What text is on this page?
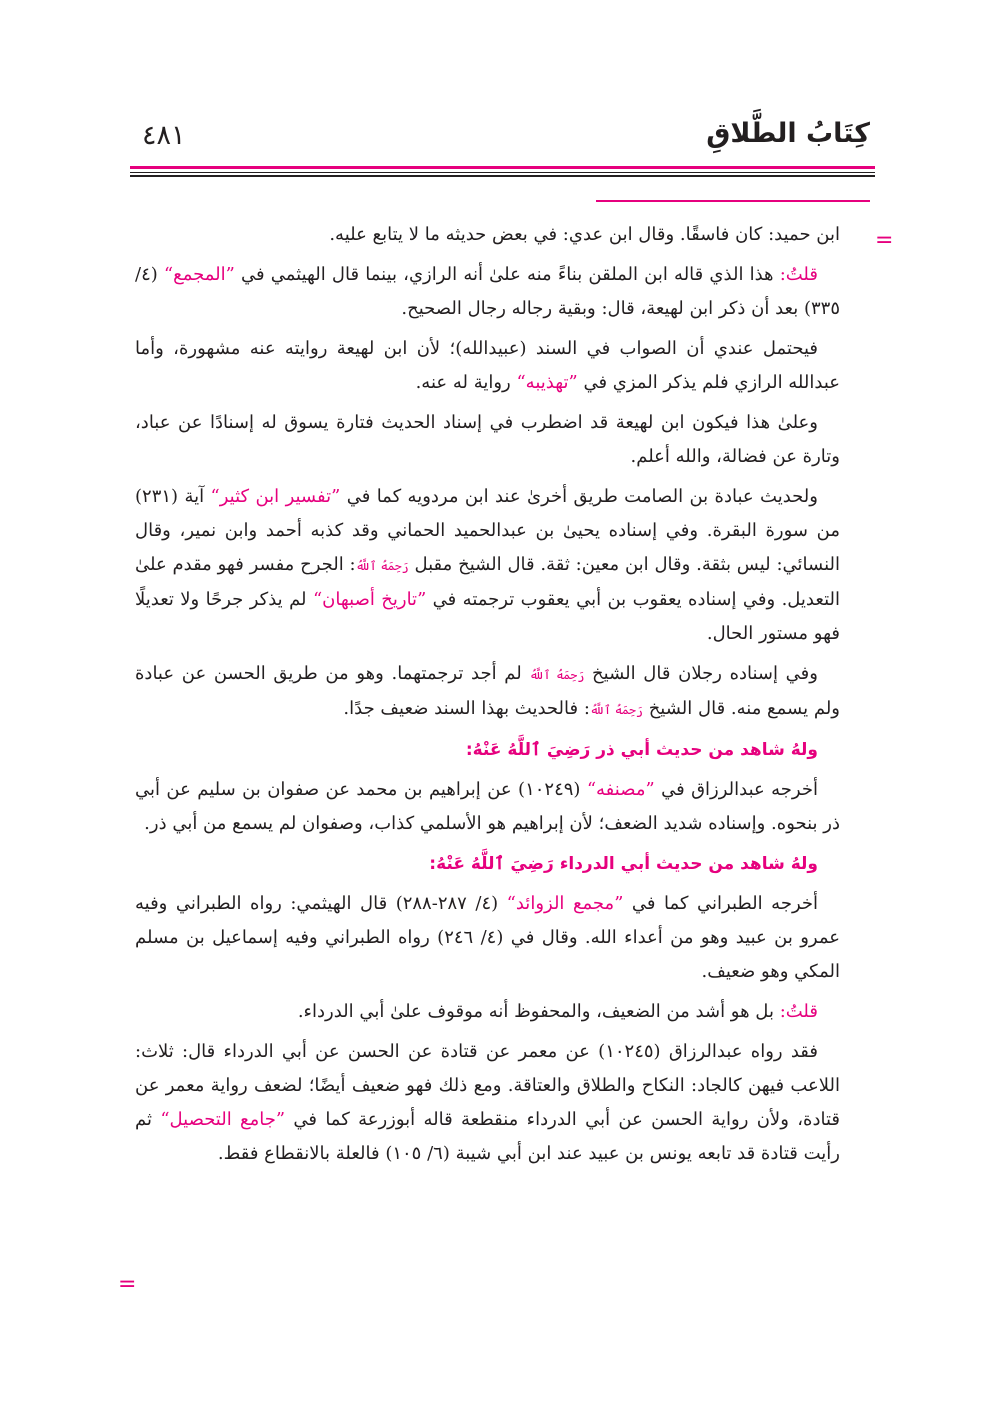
كِتَابُ الطَّلاقِ
٤٨١
=
=

ابن حميد: كان فاسقًا. وقال ابن عدي: في بعض حديثه ما لا يتابع عليه.

قلتُ: هذا الذي قاله ابن الملقن بناءً منه علىٰ أنه الرازي، بينما قال الهيثمي في ”المجمع“ (٤/ ٣٣٥) بعد أن ذكر ابن لهيعة، قال: وبقية رجاله رجال الصحيح.

فيحتمل عندي أن الصواب في السند (عبيدالله)؛ لأن ابن لهيعة روايته عنه مشهورة، وأما عبدالله الرازي فلم يذكر المزي في ”تهذيبه“ رواية له عنه.

وعلىٰ هذا فيكون ابن لهيعة قد اضطرب في إسناد الحديث فتارة يسوق له إسنادًا عن عباد، وتارة عن فضالة، والله أعلم.

ولحديث عبادة بن الصامت طريق أخرىٰ عند ابن مردويه كما في ”تفسير ابن كثير“ آية (٢٣١) من سورة البقرة. وفي إسناده يحيىٰ بن عبدالحميد الحماني وقد كذبه أحمد وابن نمير، وقال النسائي: ليس بثقة. وقال ابن معين: ثقة. قال الشيخ مقبل رَحِمَهُ ٱللَّهُ: الجرح مفسر فهو مقدم علىٰ التعديل. وفي إسناده يعقوب بن أبي يعقوب ترجمته في ”تاريخ أصبهان“ لم يذكر جرحًا ولا تعديلًا فهو مستور الحال.

وفي إسناده رجلان قال الشيخ رَحِمَهُ ٱللَّهُ لم أجد ترجمتهما. وهو من طريق الحسن عن عبادة ولم يسمع منه. قال الشيخ رَحِمَهُ ٱللَّهُ: فالحديث بهذا السند ضعيف جدًا.

ولهُ شاهد من حديث أبي ذر رَضِيَ ٱللَّهُ عَنْهُ:

أخرجه عبدالرزاق في ”مصنفه“ (١٠٢٤٩) عن إبراهيم بن محمد عن صفوان بن سليم عن أبي ذر بنحوه. وإسناده شديد الضعف؛ لأن إبراهيم هو الأسلمي كذاب، وصفوان لم يسمع من أبي ذر.

ولهُ شاهد من حديث أبي الدرداء رَضِيَ ٱللَّهُ عَنْهُ:

أخرجه الطبراني كما في ”مجمع الزوائد“ (٤/ ٢٨٧-٢٨٨) قال الهيثمي: رواه الطبراني وفيه عمرو بن عبيد وهو من أعداء الله. وقال في (٤/ ٢٤٦) رواه الطبراني وفيه إسماعيل بن مسلم المكي وهو ضعيف.

قلتُ: بل هو أشد من الضعيف، والمحفوظ أنه موقوف علىٰ أبي الدرداء.

فقد رواه عبدالرزاق (١٠٢٤٥) عن معمر عن قتادة عن الحسن عن أبي الدرداء قال: ثلاث: اللاعب فيهن كالجاد: النكاح والطلاق والعتاقة. ومع ذلك فهو ضعيف أيضًا؛ لضعف رواية معمر عن قتادة، ولأن رواية الحسن عن أبي الدرداء منقطعة قاله أبوزرعة كما في ”جامع التحصيل“ ثم رأيت قتادة قد تابعه يونس بن عبيد عند ابن أبي شيبة (٦/ ١٠٥) فالعلة بالانقطاع فقط.
